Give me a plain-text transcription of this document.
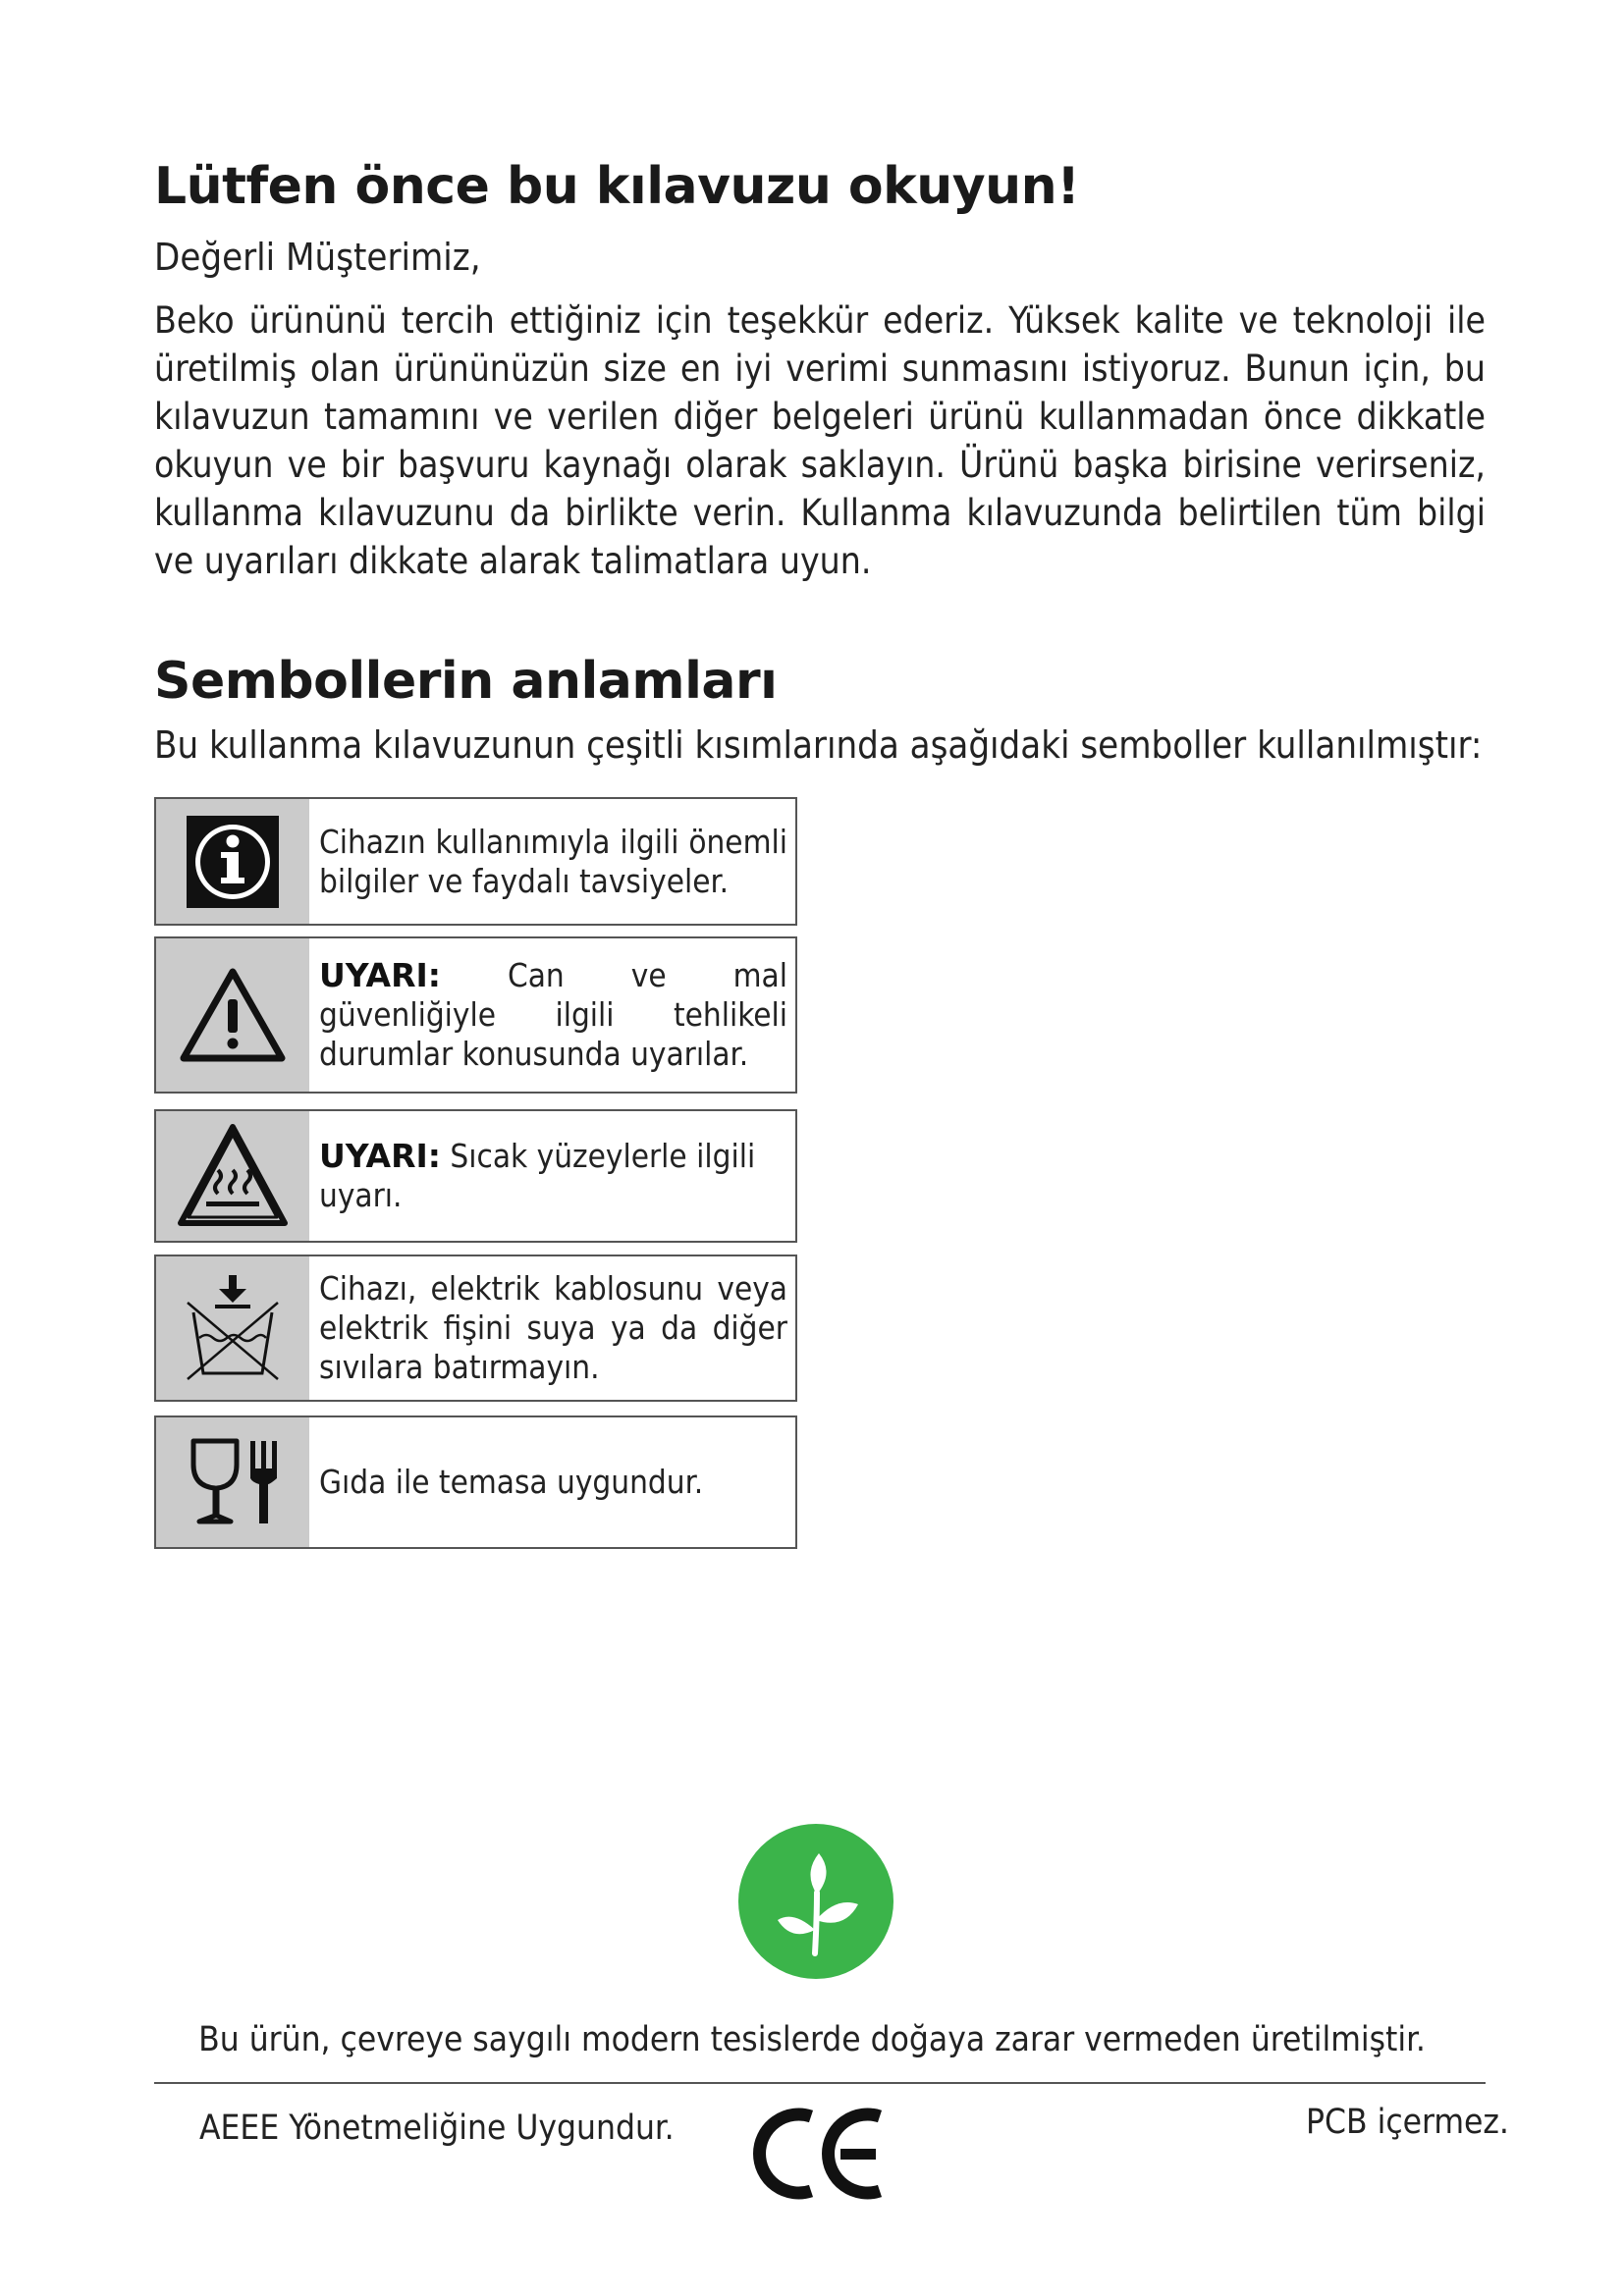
Lütfen önce bu kılavuzu okuyun!
Değerli Müşterimiz,
Beko ürününü tercih ettiğiniz için teşekkür ederiz. Yüksek kalite ve teknoloji ile üretilmiş olan ürününüzün size en iyi verimi sunmasını istiyoruz. Bunun için, bu kılavuzun tamamını ve verilen diğer belgeleri ürünü kullanmadan önce dikkatle okuyun ve bir başvuru kaynağı olarak saklayın. Ürünü başka birisine verirseniz, kullanma kılavuzunu da birlikte verin. Kullanma kılavuzunda belirtilen tüm bilgi ve uyarıları dikkate alarak talimatlara uyun.
Sembollerin anlamları
Bu kullanma kılavuzunun çeşitli kısımlarında aşağıdaki semboller kullanılmıştır:

Cihazın kullanımıyla ilgili önemli bilgiler ve faydalı tavsiyeler.

UYARI: Can ve mal güvenliğiyle ilgili tehlikeli durumlar konusunda uyarılar.

UYARI: Sıcak yüzeylerle ilgili uyarı.

Cihazı, elektrik kablosunu veya elektrik fişini suya ya da diğer sıvılara batırmayın.

Gıda ile temasa uygundur.

Bu ürün, çevreye saygılı modern tesislerde doğaya zarar vermeden üretilmiştir.
AEEE Yönetmeliğine Uygundur.	PCB içermez.
